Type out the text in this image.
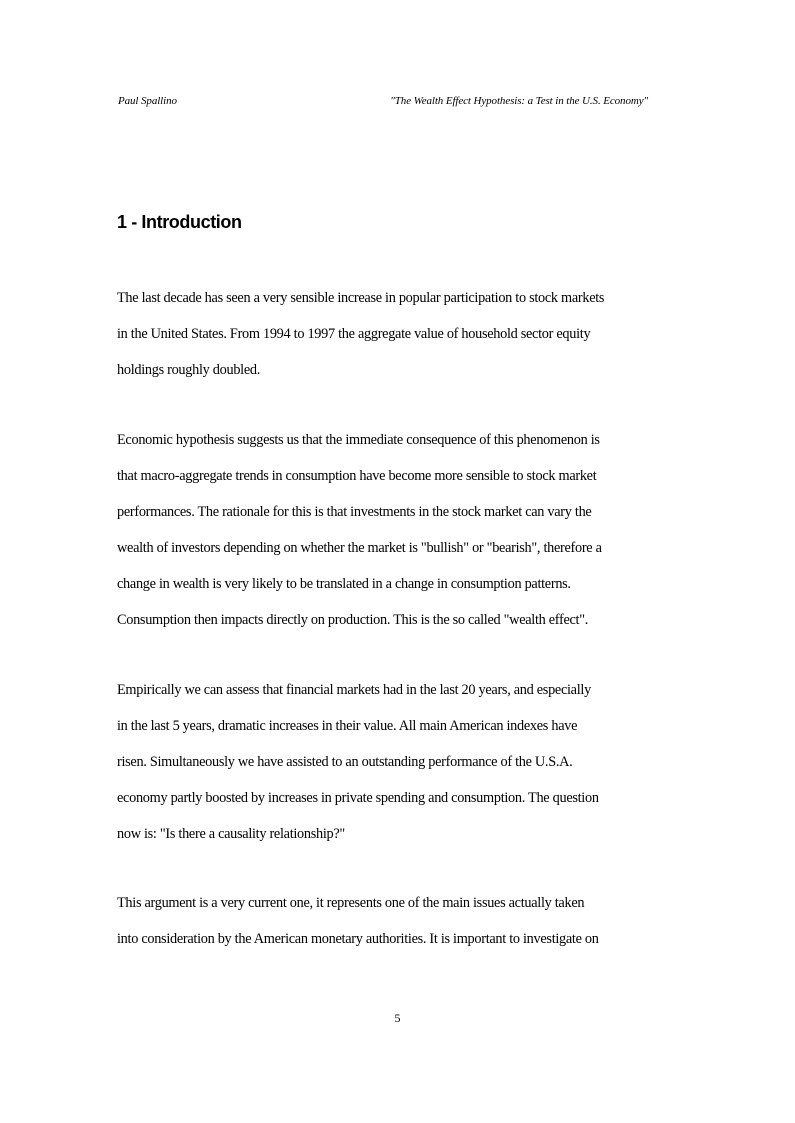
Paul Spallino	"The Wealth Effect Hypothesis: a Test in the U.S. Economy"
1 - Introduction
The last decade has seen a very sensible increase in popular participation to stock markets
in the United States. From 1994 to 1997 the aggregate value of household sector equity
holdings roughly doubled.
Economic hypothesis suggests us that the immediate consequence of this phenomenon is
that macro-aggregate trends in consumption have become more sensible to stock market
performances. The rationale for this is that investments in the stock market can vary the
wealth of investors depending on whether the market is "bullish" or "bearish", therefore a
change in wealth is very likely to be translated in a change in consumption patterns.
Consumption then impacts directly on production. This is the so called "wealth effect".
Empirically we can assess that financial markets had in the last 20 years, and especially
in the last 5 years, dramatic increases in their value. All main American indexes have
risen. Simultaneously we have assisted to an outstanding performance of the U.S.A.
economy partly boosted by increases in private spending and consumption. The question
now is: "Is there a causality relationship?"
This argument is a very current one, it represents one of the main issues actually taken
into consideration by the American monetary authorities. It is important to investigate on
5
